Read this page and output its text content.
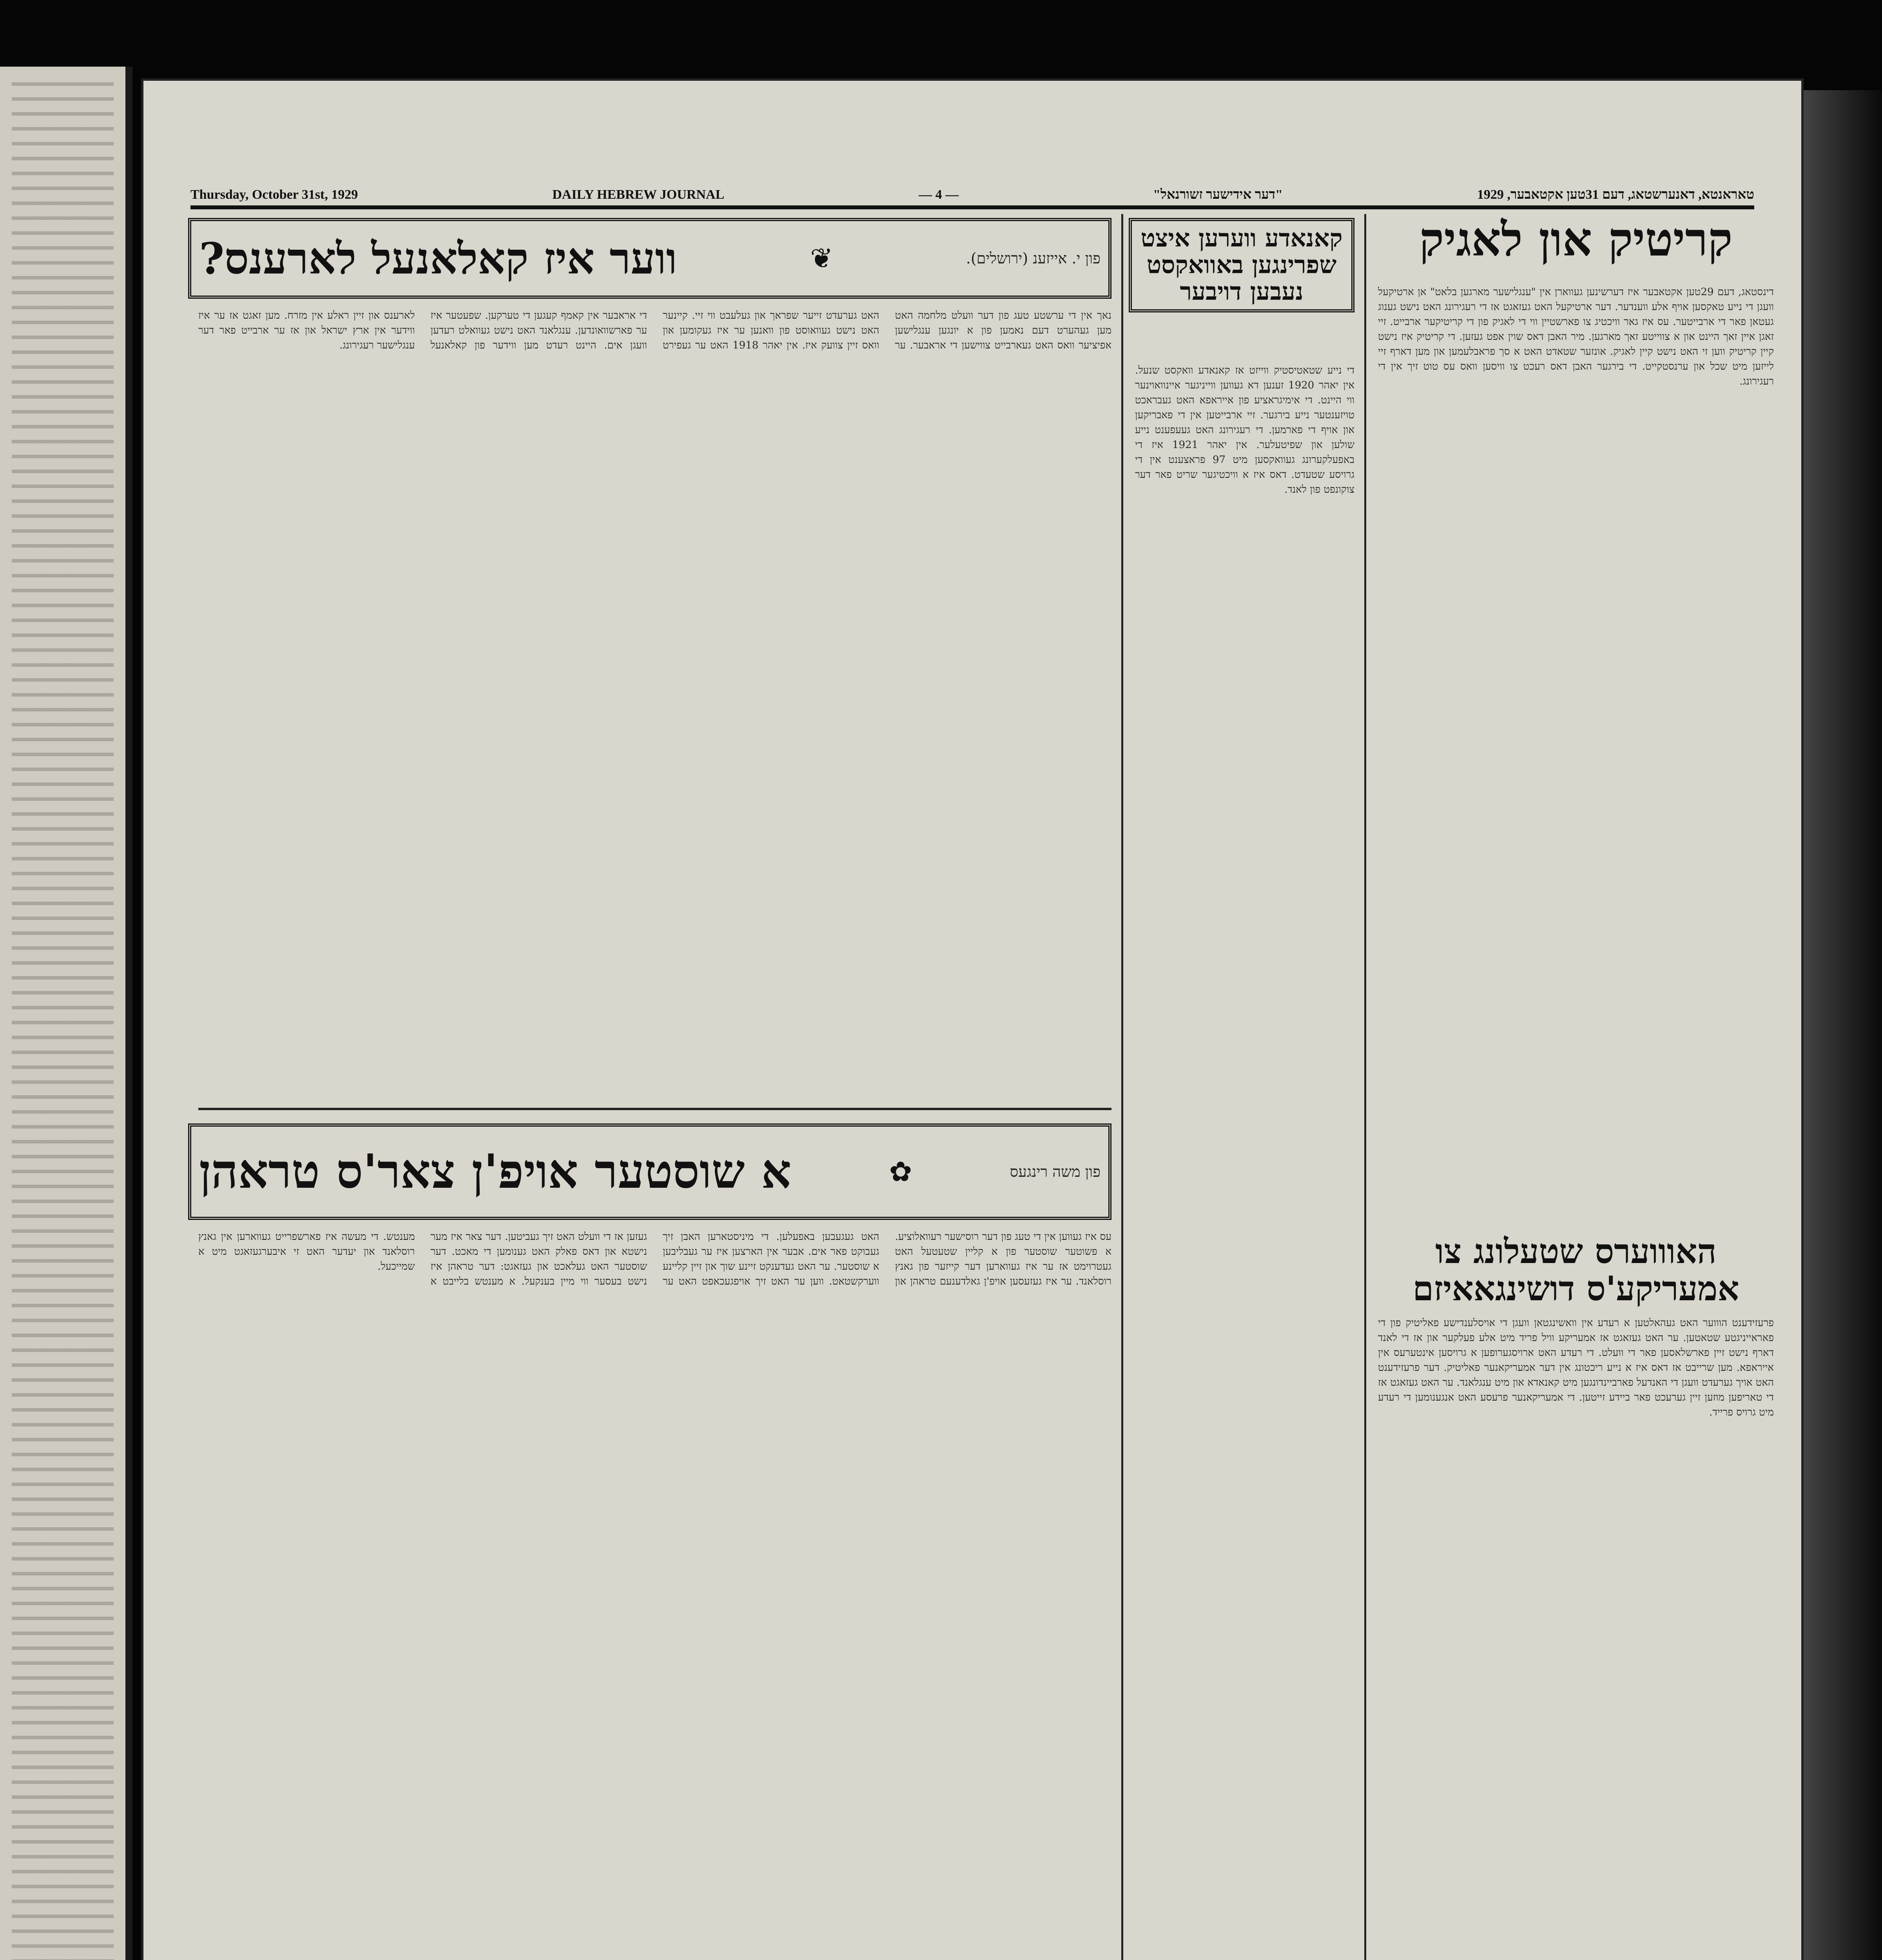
Thursday, October 31st, 1929	DAILY HEBREW JOURNAL	— 4 —	"דער אידישער זשורנאל"	טאראנטא, דאנערשטאג, דעם 31טען אקטאבער, 1929
קריטיק און לאגיק
דינסטאג, דעם 29טען אקטאבער איז דערשינען געווארן אין "ענגלישער מארגען בלאט" אן ארטיקעל וועגן די נייע טאקסען אויף אלע ווענדער. דער ארטיקעל האט געזאגט אז די רעגירונג האט נישט גענוג געטאן פאר די ארבייטער. עס איז גאר וויכטיג צו פארשטיין ווי די לאגיק פון די קריטיקער ארבייט. זיי זאגן איין זאך היינט און א צווייטע זאך מארגען. מיר האבן דאס שוין אפט געזען. די קריטיק איז נישט קיין קריטיק ווען זי האט נישט קיין לאגיק. אונזער שטאדט האט א סך פראבלעמען און מען דארף זיי לייזען מיט שכל און ערנסטקייט. די בירגער האבן דאס רעכט צו וויסען וואס עס טוט זיך אין די רעגירונג.
האוווערס שטעלונג צו אמעריקע'ס דושינגאאיזם
פרעזידענט הוווער האט געהאלטען א רעדע אין וואשינגטאן וועגן די אויסלענדישע פאליטיק פון די פאראייניגטע שטאטען. ער האט געזאגט אז אמעריקע וויל פריד מיט אלע פעלקער און אז די לאנד דארף נישט זיין פארשלאסען פאר די וועלט. די רעדע האט ארויסגערופען א גרויסען אינטערעס אין אייראפא. מען שרייבט אז דאס איז א נייע ריכטונג אין דער אמעריקאנער פאליטיק. דער פרעזידענט האט אויך גערעדט וועגן די האנדעל פארביינדונגען מיט קאנאדא און מיט ענגלאנד. ער האט געזאגט אז די טאריפען מוזען זיין גערעכט פאר ביידע זייטען. די אמעריקאנער פרעסע האט אנגענומען די רעדע מיט גרויס פרייד.
קאנאדע ווערען איצט שפרינגען באוואקסט נעבען דויבער
די נייע שטאטיסטיק ווייזט אז קאנאדע וואקסט שנעל. אין יאהר 1920 זענען דא געווען ווייניגער איינוואוינער ווי היינט. די אימיגראציע פון אייראפא האט געבראכט טויזענטער נייע בירגער. זיי ארבייטען אין די פאבריקען און אויף די פארמען. די רעגירונג האט געעפענט נייע שולען און שפיטעלער. אין יאהר 1921 איז די באפעלקערונג געוואקסען מיט 97 פראצענט אין די גרויסע שטעדט. דאס איז א וויכטיגער שריט פאר דער צוקונפט פון לאנד.
ווער איז קאלאנעל לארענס?	❦	פון י. אייזענ (ירושלים).
נאך אין די ערשטע טעג פון דער וועלט מלחמה האט מען געהערט דעם נאמען פון א יונגען ענגלישען אפיציער וואס האט געארבייט צווישען די אראבער. ער האט גערעדט זייער שפראך און געלעבט ווי זיי. קיינער האט נישט געוואוסט פון וואנען ער איז געקומען און וואס זיין צוועק איז. אין יאהר 1918 האט ער געפירט די אראבער אין קאמף קעגען די טערקען. שפעטער איז ער פארשוואונדען. ענגלאנד האט נישט געוואלט רעדען וועגן אים. היינט רעדט מען ווידער פון קאלאנעל לארענס און זיין ראלע אין מזרח. מען זאגט אז ער איז ווידער אין ארץ ישראל און אז ער ארבייט פאר דער ענגלישער רעגירונג.
א שוסטער אויפ'ן צאר'ס טראהן	✿	פון משה רינגעס
עס איז געווען אין די טעג פון דער רוסישער רעוואלוציע. א פשוטער שוסטער פון א קליין שטעטעל האט געטרוימט אז ער איז געווארען דער קייזער פון גאנץ רוסלאנד. ער איז געזעסען אויפ'ן גאלדענעם טראהן און האט געגעבען באפעלען. די מיניסטארען האבן זיך געבוקט פאר אים. אבער אין הארצען איז ער געבליבען א שוסטער. ער האט געדענקט זיינע שוך און זיין קליינע ווערקשטאט. ווען ער האט זיך אויפגעכאפט האט ער געזען אז די וועלט האט זיך געביטען. דער צאר איז מער נישטא און דאס פאלק האט גענומען די מאכט. דער שוסטער האט געלאכט און געזאגט: דער טראהן איז נישט בעסער ווי מיין בענקעל. א מענטש בלייבט א מענטש. די מעשה איז פארשפרייט געווארען אין גאנץ רוסלאנד און יעדער האט זי איבערגעזאגט מיט א שמייכעל.
